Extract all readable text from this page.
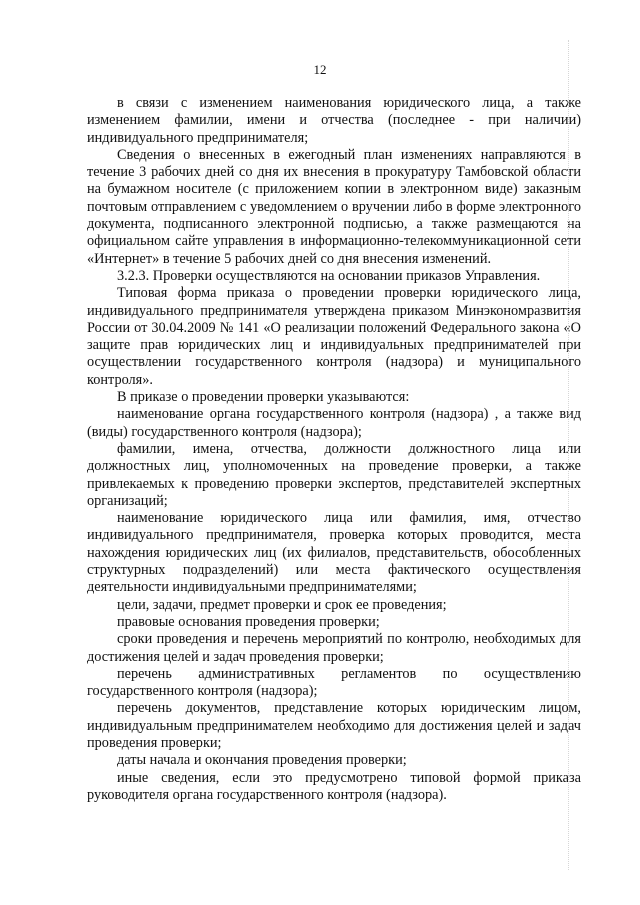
12

в связи с изменением наименования юридического лица, а также изменением фамилии, имени и отчества (последнее - при наличии) индивидуального предпринимателя;

Сведения о внесенных в ежегодный план изменениях направляются в течение 3 рабочих дней со дня их внесения в прокуратуру Тамбовской области на бумажном носителе (с приложением копии в электронном виде) заказным почтовым отправлением с уведомлением о вручении либо в форме электронного документа, подписанного электронной подписью, а также размещаются на официальном сайте управления в информационно-телекоммуникационной сети «Интернет» в течение 5 рабочих дней со дня внесения изменений.

3.2.3. Проверки осуществляются на основании приказов Управления.

Типовая форма приказа о проведении проверки юридического лица, индивидуального предпринимателя утверждена приказом Минэкономразвития России от 30.04.2009 № 141 «О реализации положений Федерального закона «О защите прав юридических лиц и индивидуальных предпринимателей при осуществлении государственного контроля (надзора) и муниципального контроля».

В приказе о проведении проверки указываются:

наименование органа государственного контроля (надзора) , а также вид (виды) государственного контроля (надзора);

фамилии, имена, отчества, должности должностного лица или должностных лиц, уполномоченных на проведение проверки, а также привлекаемых к проведению проверки экспертов, представителей экспертных организаций;

наименование юридического лица или фамилия, имя, отчество индивидуального предпринимателя, проверка которых проводится, места нахождения юридических лиц (их филиалов, представительств, обособленных структурных подразделений) или места фактического осуществления деятельности индивидуальными предпринимателями;

цели, задачи, предмет проверки и срок ее проведения;

правовые основания проведения проверки;

сроки проведения и перечень мероприятий по контролю, необходимых для достижения целей и задач проведения проверки;

перечень административных регламентов по осуществлению государственного контроля (надзора);

перечень документов, представление которых юридическим лицом, индивидуальным предпринимателем необходимо для достижения целей и задач проведения проверки;

даты начала и окончания проведения проверки;

иные сведения, если это предусмотрено типовой формой приказа руководителя органа государственного контроля (надзора).
